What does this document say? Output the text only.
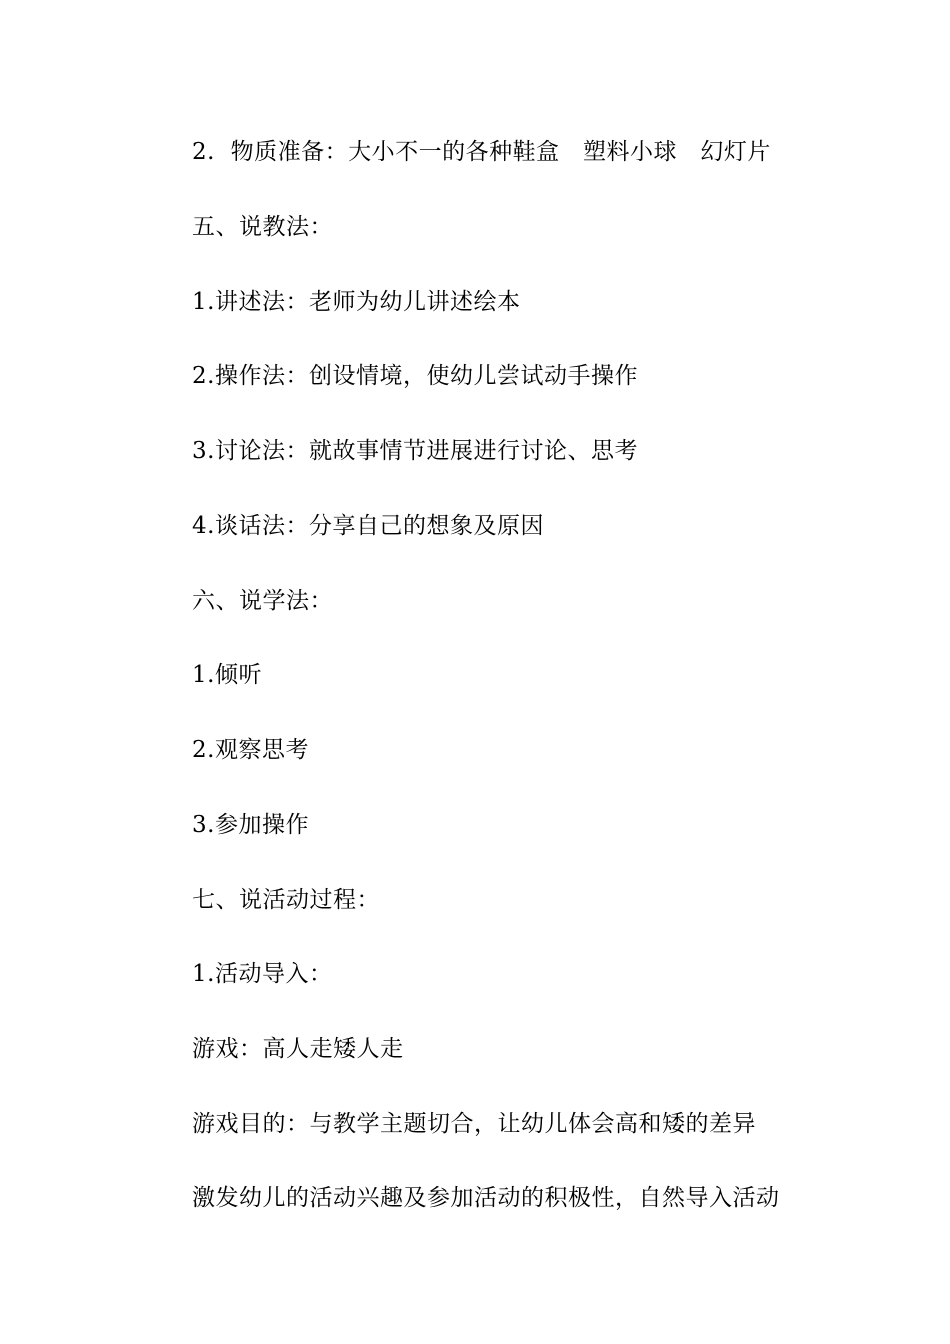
2.  物质准备：大小不一的各种鞋盒   塑料小球   幻灯片
五、说教法：
1.讲述法：老师为幼儿讲述绘本
2.操作法：创设情境，使幼儿尝试动手操作
3.讨论法：就故事情节进展进行讨论、思考
4.谈话法：分享自己的想象及原因
六、说学法：
1.倾听
2.观察思考
3.参加操作
七、说活动过程：
1.活动导入：
游戏：高人走矮人走
游戏目的：与教学主题切合，让幼儿体会高和矮的差异
激发幼儿的活动兴趣及参加活动的积极性，自然导入活动
